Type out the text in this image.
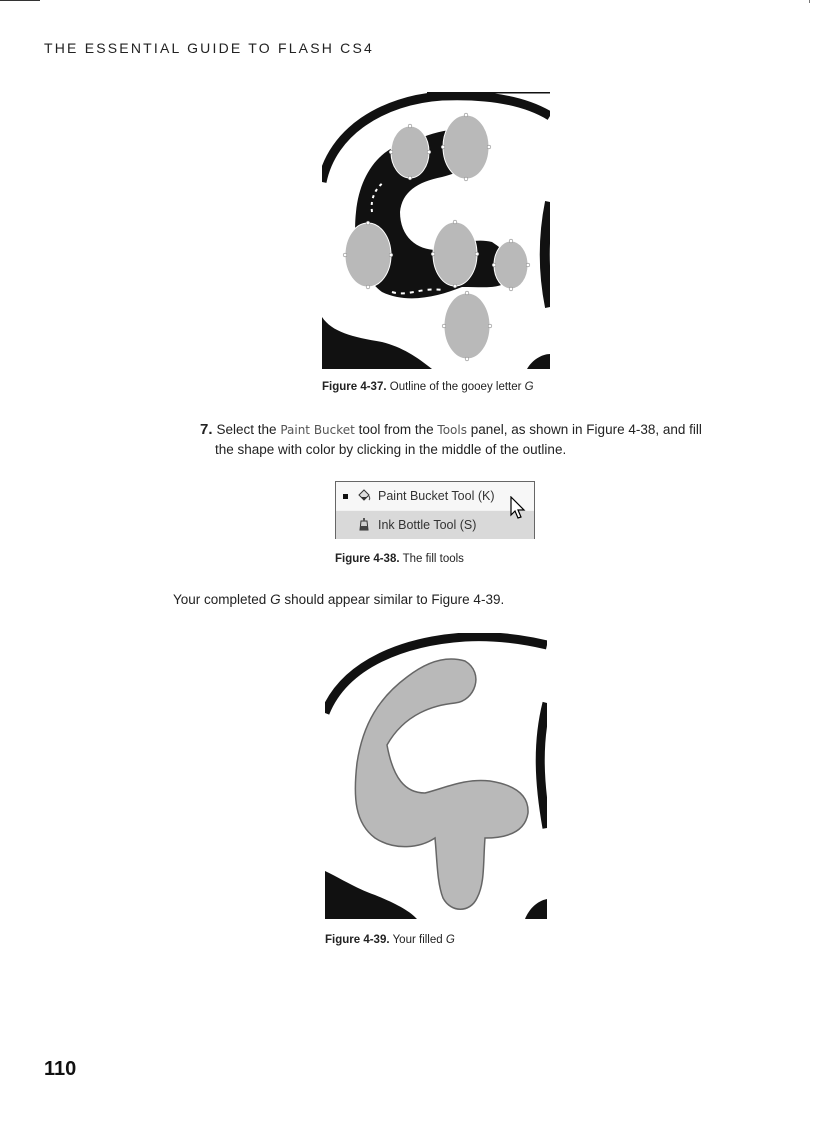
THE ESSENTIAL GUIDE TO FLASH CS4
Figure 4-37. Outline of the gooey letter G
7. Select the Paint Bucket tool from the Tools panel, as shown in Figure 4-38, and fill
the shape with color by clicking in the middle of the outline.
Paint Bucket Tool (K)
Ink Bottle Tool (S)
Figure 4-38. The fill tools
Your completed G should appear similar to Figure 4-39.
Figure 4-39. Your filled G
110
